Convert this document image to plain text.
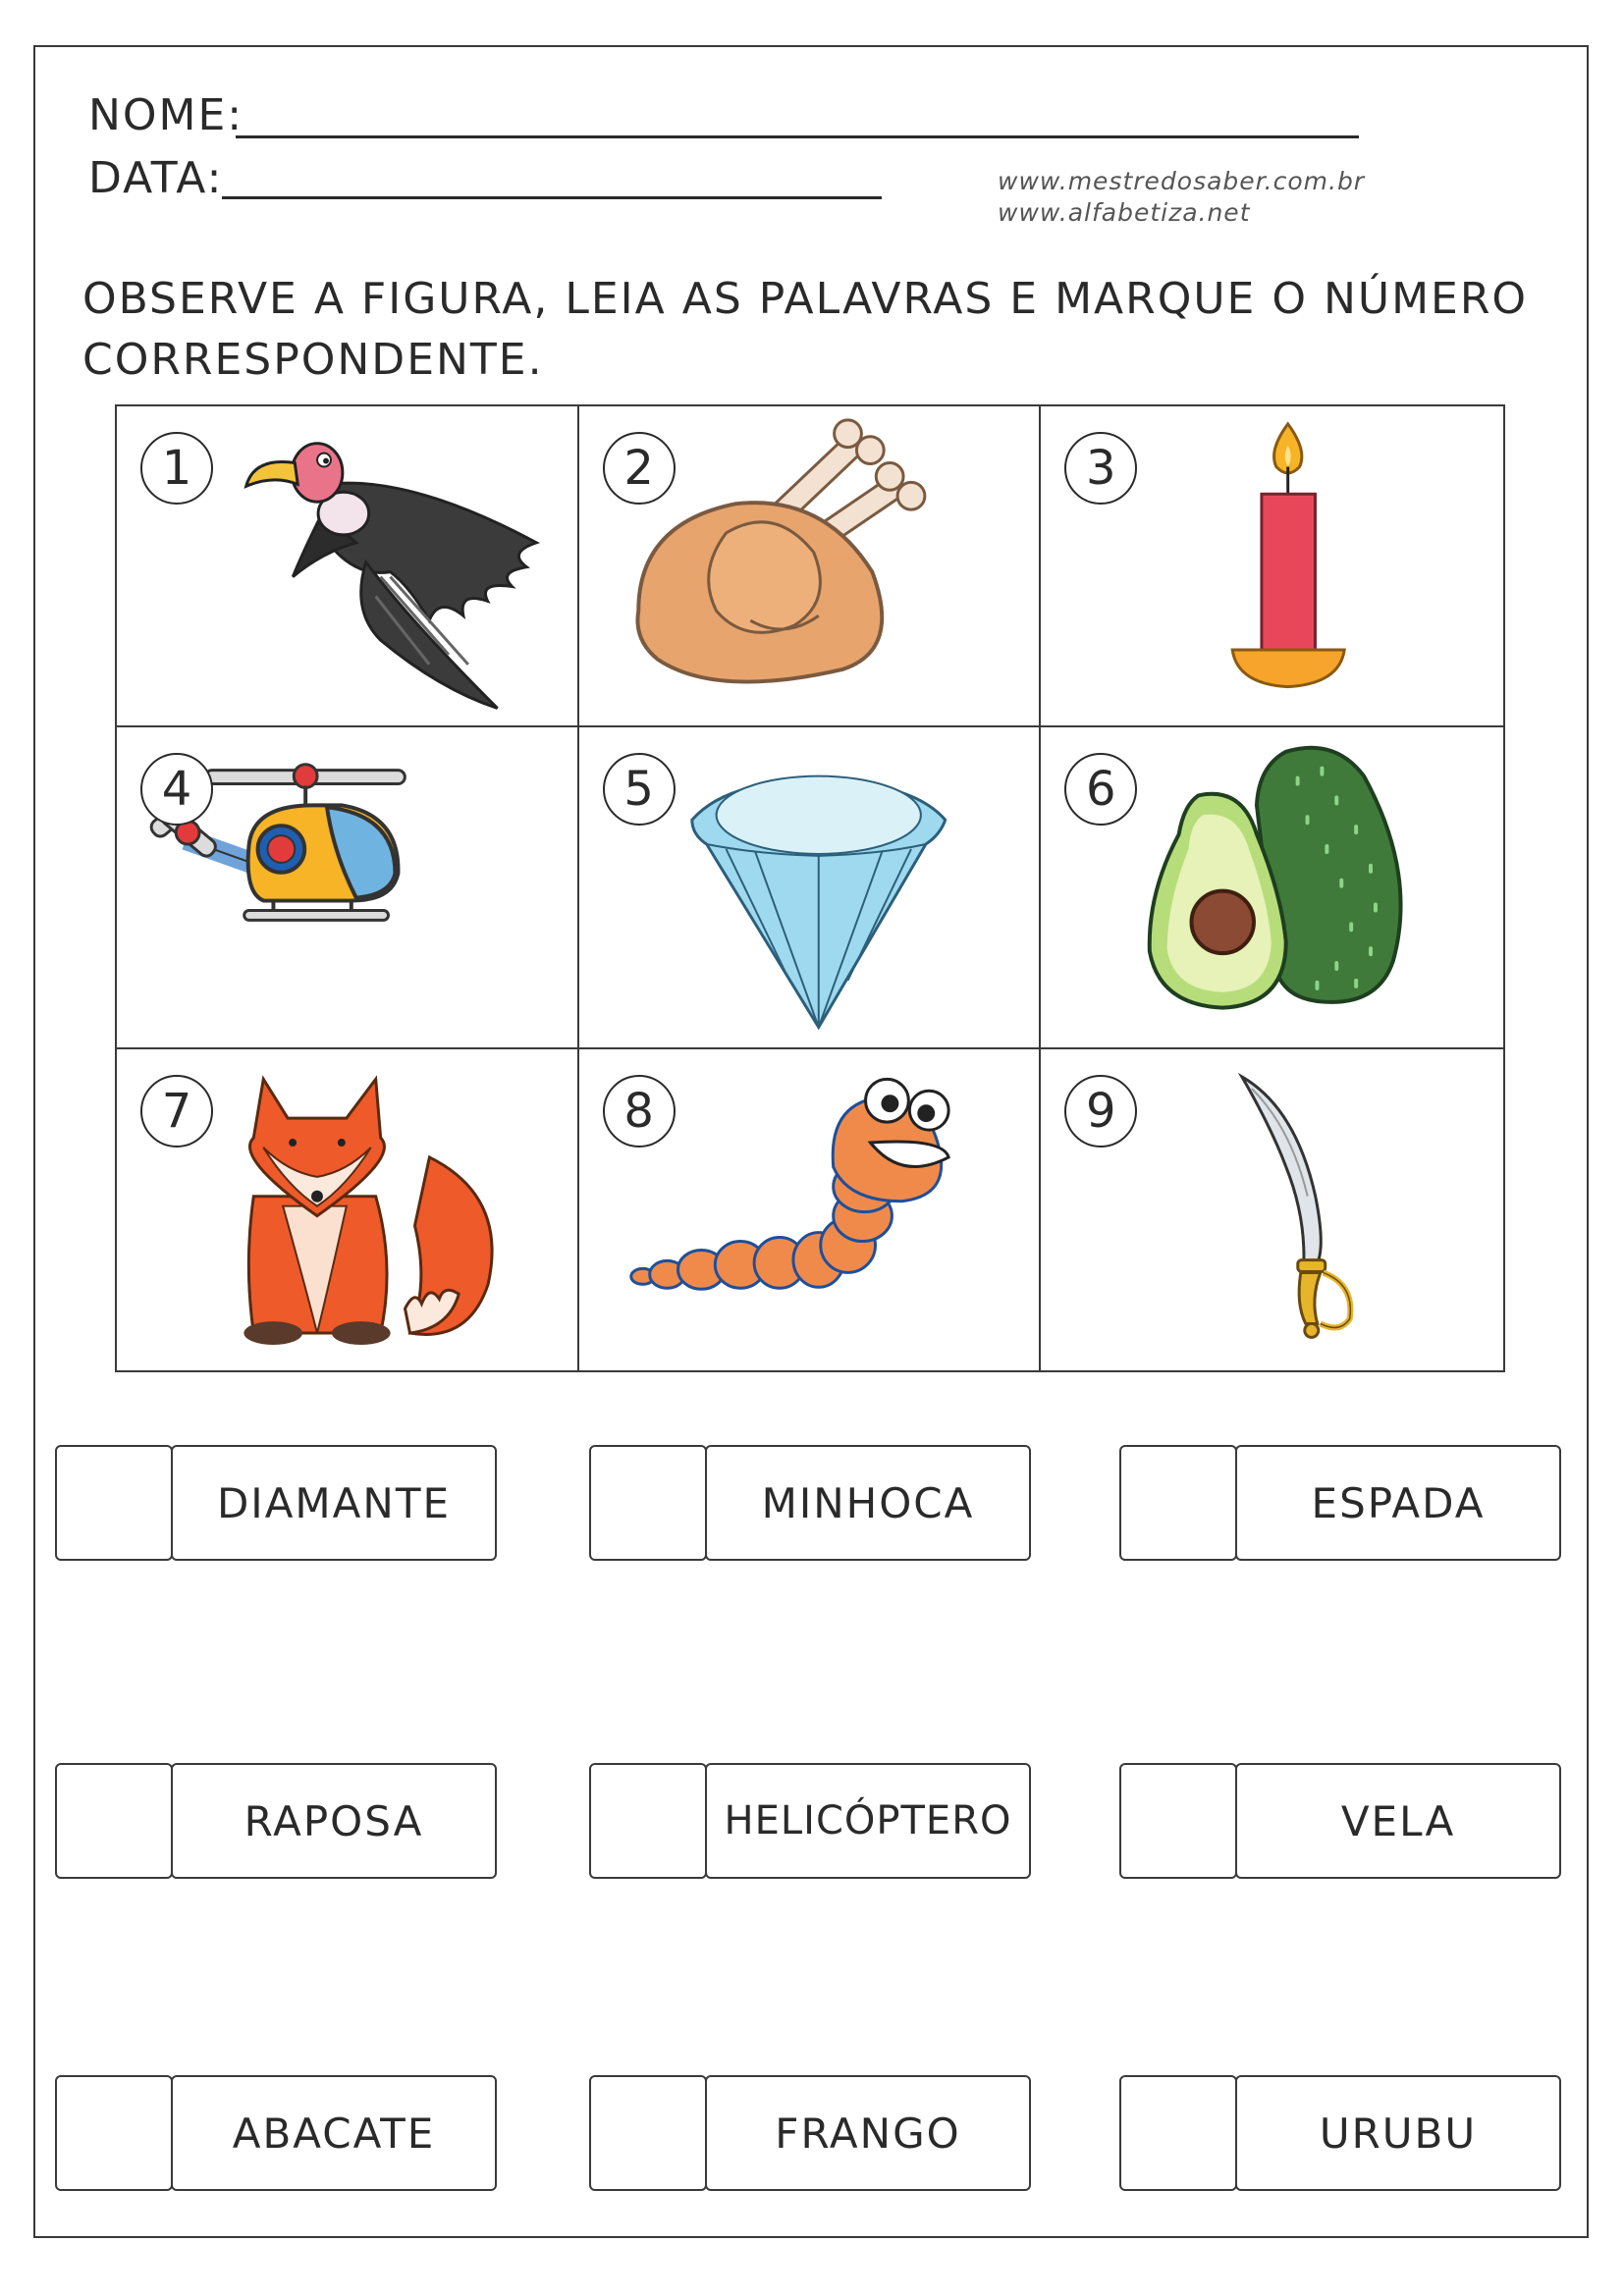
NOME:
DATA:	www.mestredosaber.com.br
www.alfabetiza.net
OBSERVE A FIGURA, LEIA AS PALAVRAS E MARQUE O NÚMERO
CORRESPONDENTE.
1	2	3
4	5	6
7	8	9
DIAMANTE	MINHOCA	ESPADA
RAPOSA	HELICÓPTERO	VELA
ABACATE	FRANGO	URUBU
